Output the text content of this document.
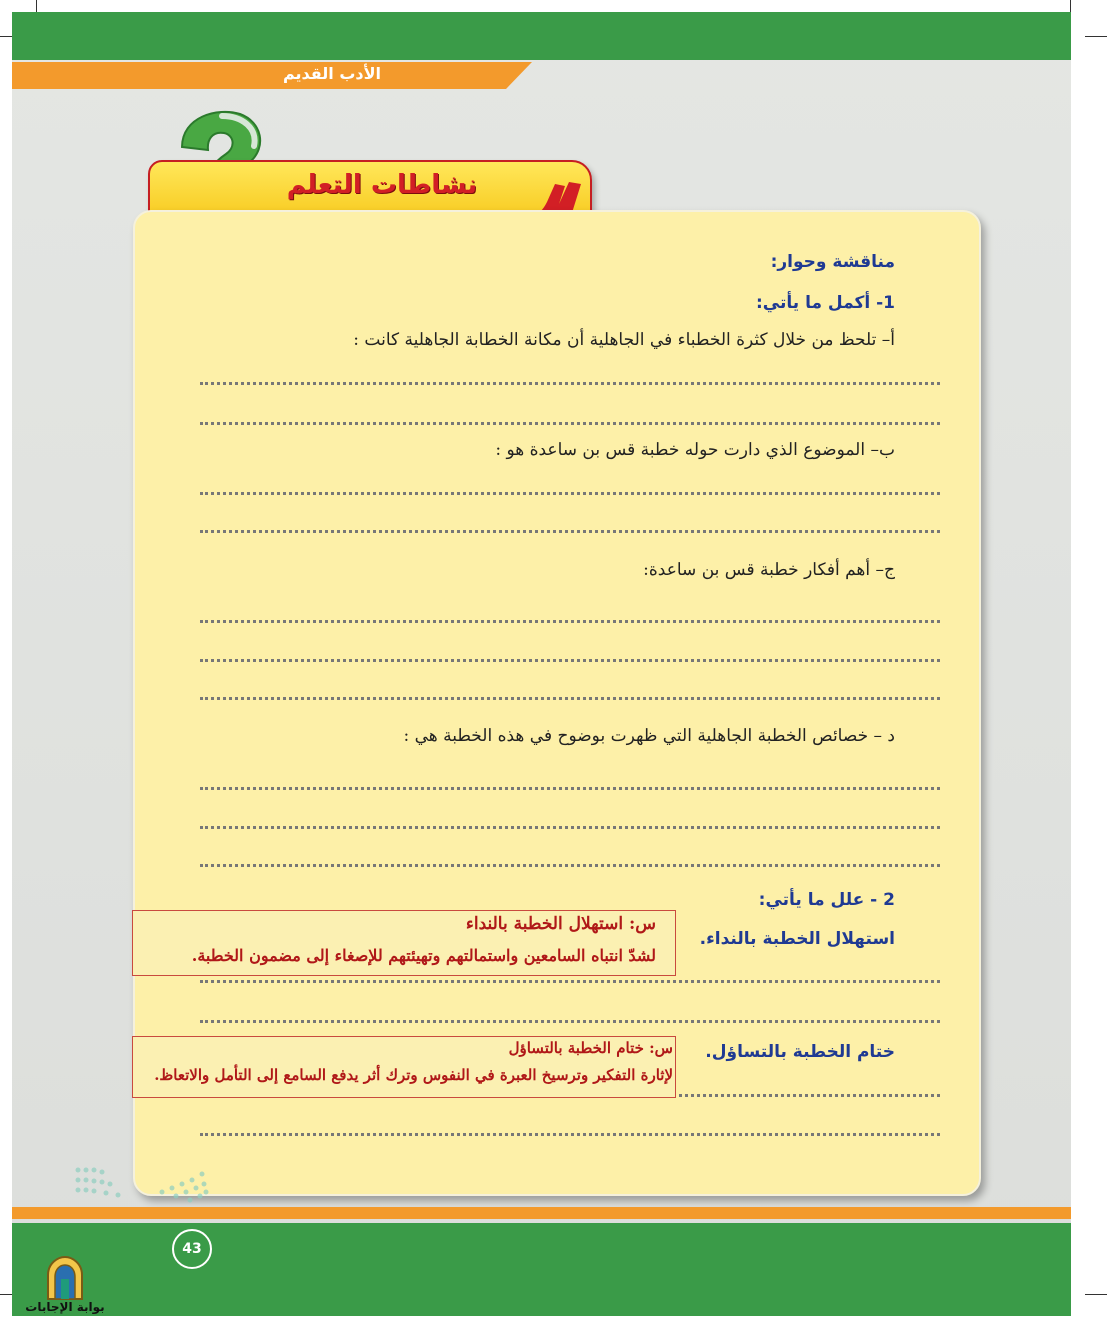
الأدب القديم
نشاطات التعلم
مناقشة وحوار:
1- أكمل ما يأتي:
أ– تلحظ من خلال كثرة الخطباء في الجاهلية أن مكانة الخطابة الجاهلية كانت :
ب– الموضوع الذي دارت حوله خطبة قس بن ساعدة هو :
ج– أهم أفكار خطبة قس بن ساعدة:
د – خصائص الخطبة الجاهلية التي ظهرت بوضوح في هذه الخطبة هي :
2 - علل ما يأتي:
استهلال الخطبة بالنداء.
س: استهلال الخطبة بالنداء
لشدّ انتباه السامعين واستمالتهم وتهيئتهم للإصغاء إلى مضمون الخطبة.
ختام الخطبة بالتساؤل.
س: ختام الخطبة بالتساؤل
لإثارة التفكير وترسيخ العبرة في النفوس وترك أثر يدفع السامع إلى التأمل والاتعاظ.
43
بوابة الإجابات
